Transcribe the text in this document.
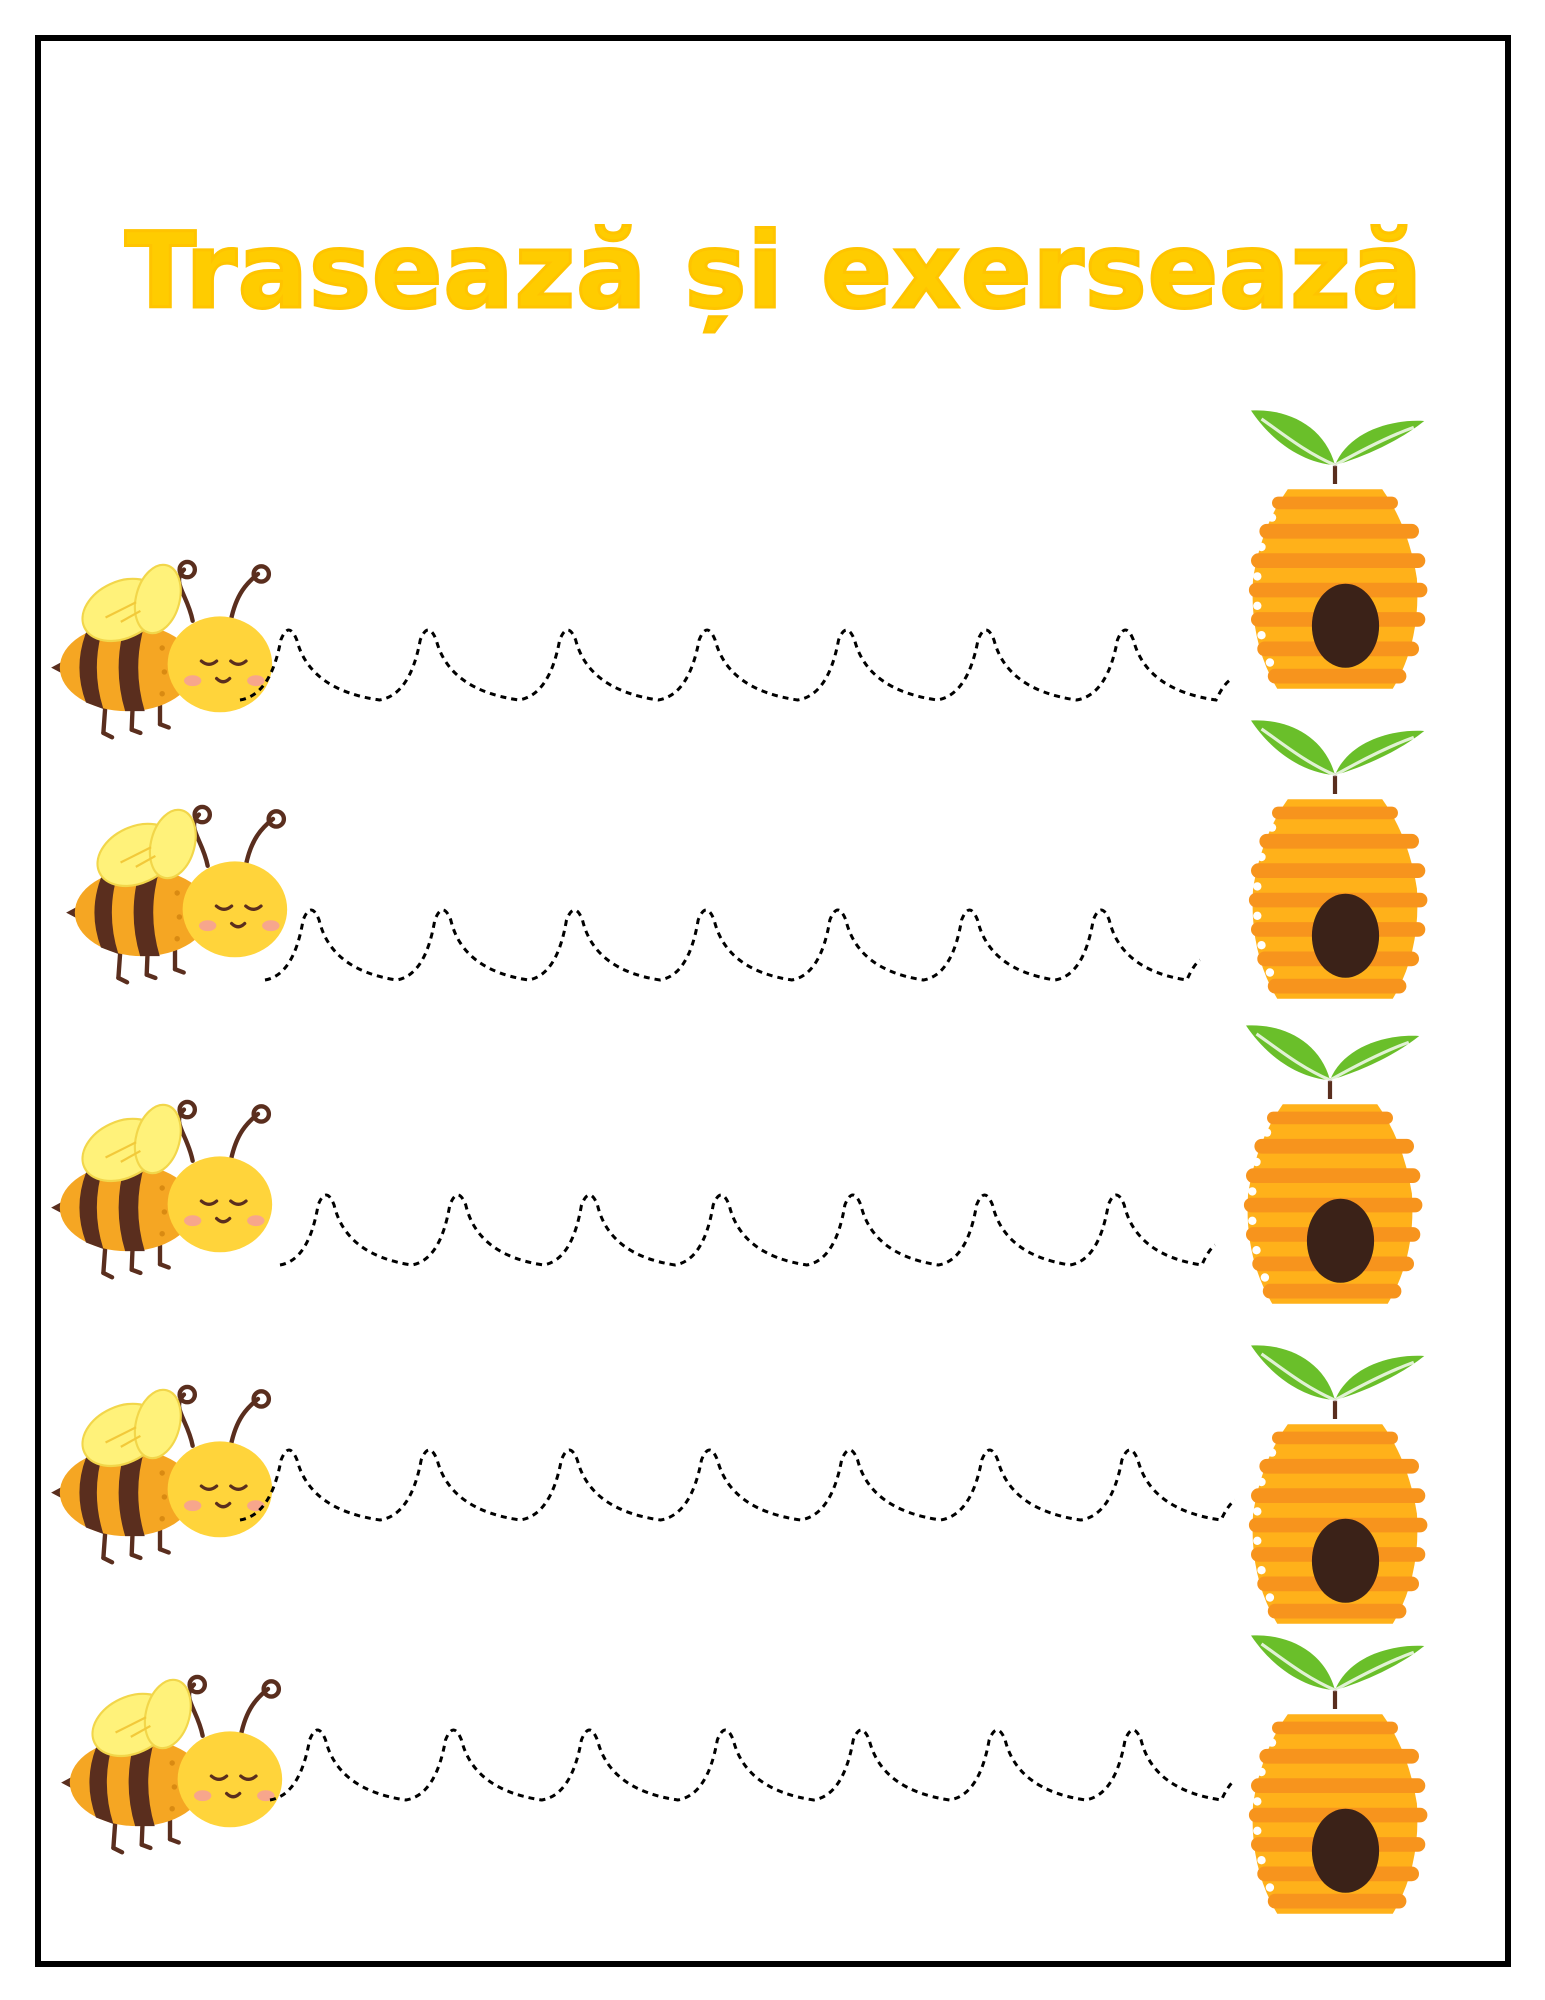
Trasează și exersează
